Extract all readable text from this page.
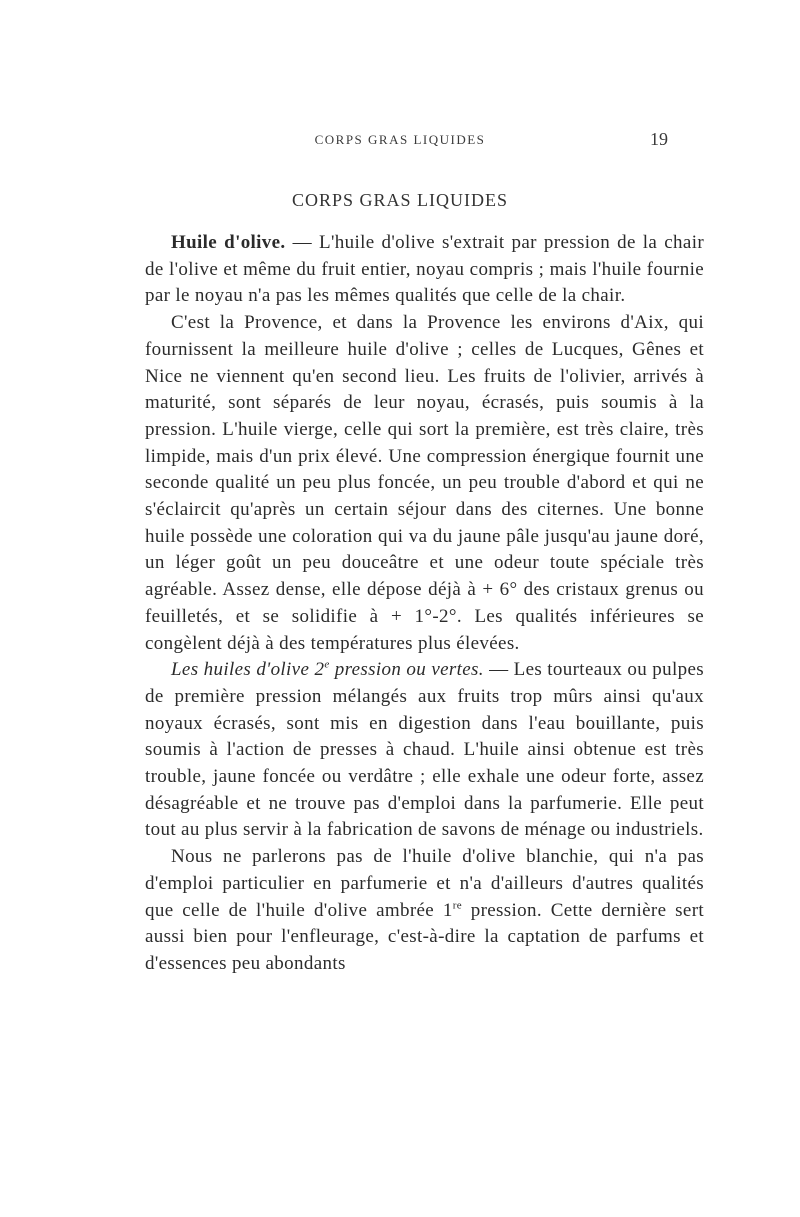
CORPS GRAS LIQUIDES	19
CORPS GRAS LIQUIDES

Huile d'olive. — L'huile d'olive s'extrait par pression de la chair de l'olive et même du fruit entier, noyau compris ; mais l'huile fournie par le noyau n'a pas les mêmes qualités que celle de la chair.

C'est la Provence, et dans la Provence les environs d'Aix, qui fournissent la meilleure huile d'olive ; celles de Lucques, Gênes et Nice ne viennent qu'en second lieu. Les fruits de l'olivier, arrivés à maturité, sont séparés de leur noyau, écrasés, puis soumis à la pression. L'huile vierge, celle qui sort la première, est très claire, très limpide, mais d'un prix élevé. Une compression énergique fournit une seconde qualité un peu plus foncée, un peu trouble d'abord et qui ne s'éclaircit qu'après un certain séjour dans des citernes. Une bonne huile possède une coloration qui va du jaune pâle jusqu'au jaune doré, un léger goût un peu douceâtre et une odeur toute spéciale très agréable. Assez dense, elle dépose déjà à + 6° des cristaux grenus ou feuilletés, et se solidifie à + 1°-2°. Les qualités inférieures se congèlent déjà à des températures plus élevées.

Les huiles d'olive 2e pression ou vertes. — Les tourteaux ou pulpes de première pression mélangés aux fruits trop mûrs ainsi qu'aux noyaux écrasés, sont mis en digestion dans l'eau bouillante, puis soumis à l'action de presses à chaud. L'huile ainsi obtenue est très trouble, jaune foncée ou verdâtre ; elle exhale une odeur forte, assez désagréable et ne trouve pas d'emploi dans la parfumerie. Elle peut tout au plus servir à la fabrication de savons de ménage ou industriels.

Nous ne parlerons pas de l'huile d'olive blanchie, qui n'a pas d'emploi particulier en parfumerie et n'a d'ailleurs d'autres qualités que celle de l'huile d'olive ambrée 1re pression. Cette dernière sert aussi bien pour l'enfleurage, c'est-à-dire la captation de parfums et d'essences peu abondants
